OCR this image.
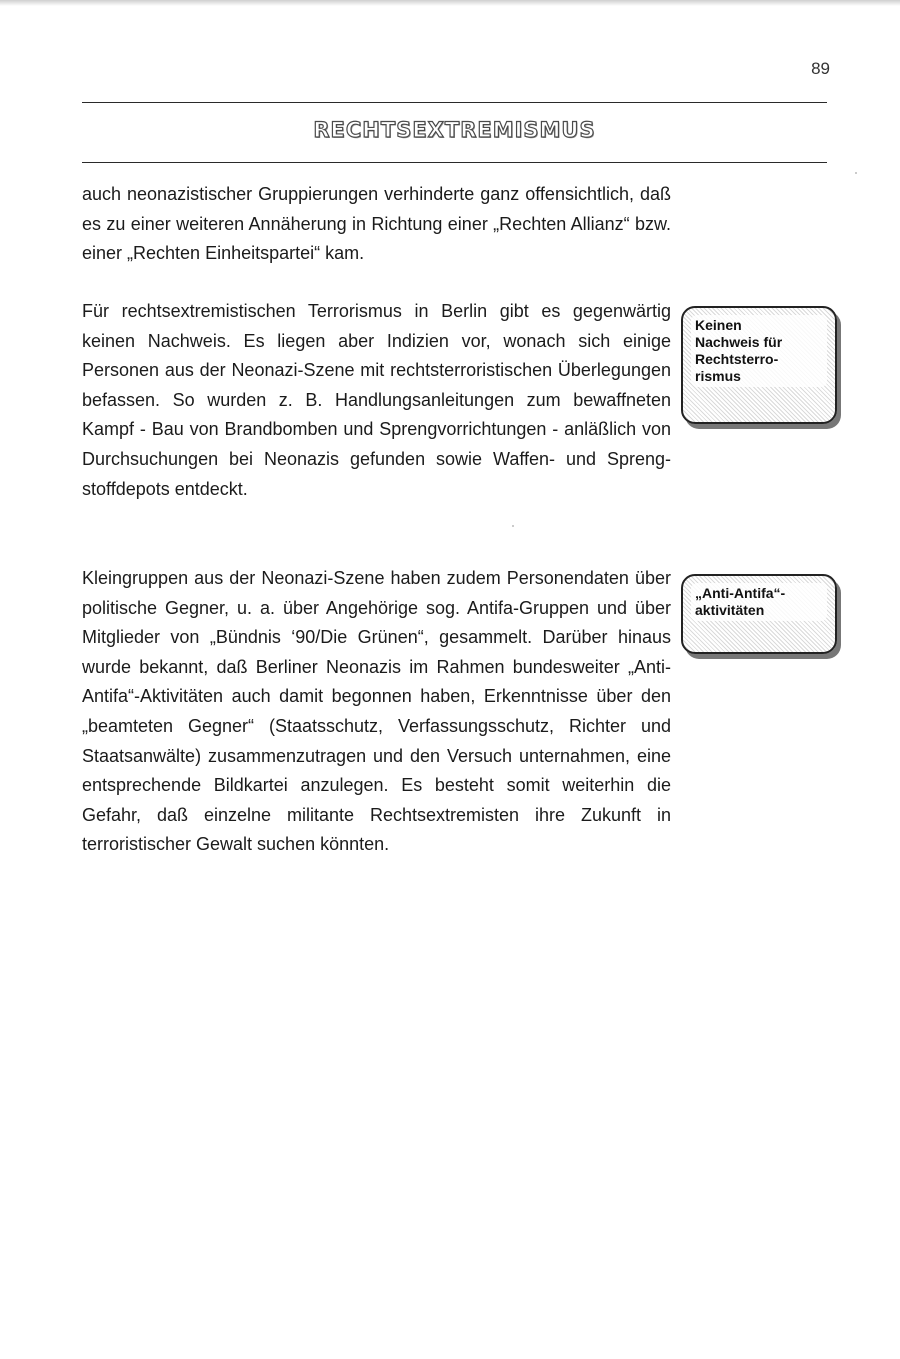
89
RECHTSEXTREMISMUS

auch neonazistischer Gruppierungen verhinderte ganz offensichtlich, daß es zu einer weiteren Annäherung in Richtung einer „Rechten Allianz“ bzw. einer „Rechten Einheitspartei“ kam.

Für rechtsextremistischen Terrorismus in Berlin gibt es gegenwärtig keinen Nachweis. Es liegen aber Indizien vor, wonach sich einige Personen aus der Neonazi-Szene mit rechtsterroristischen Überlegungen befassen. So wurden z. B. Handlungsanleitungen zum bewaffneten Kampf - Bau von Brandbomben und Sprengvorrichtungen - anläßlich von Durchsuchungen bei Neonazis gefunden sowie Waffen- und Sprengstoffdepots entdeckt.

Kleingruppen aus der Neonazi-Szene haben zudem Personendaten über politische Gegner, u. a. über Angehörige sog. Antifa-Gruppen und über Mitglieder von „Bündnis ‘90/Die Grünen“, gesammelt. Darüber hinaus wurde bekannt, daß Berliner Neonazis im Rahmen bundesweiter „Anti-Antifa“-Aktivitäten auch damit begonnen haben, Erkenntnisse über den „beamteten Gegner“ (Staatsschutz, Verfassungsschutz, Richter und Staatsanwälte) zusammenzutragen und den Versuch unternahmen, eine entsprechende Bildkartei anzulegen. Es besteht somit weiterhin die Gefahr, daß einzelne militante Rechtsextremisten ihre Zukunft in terroristischer Gewalt suchen könnten.

Keinen
Nachweis für
Rechtsterro-
rismus
„Anti-Antifa“-
aktivitäten
